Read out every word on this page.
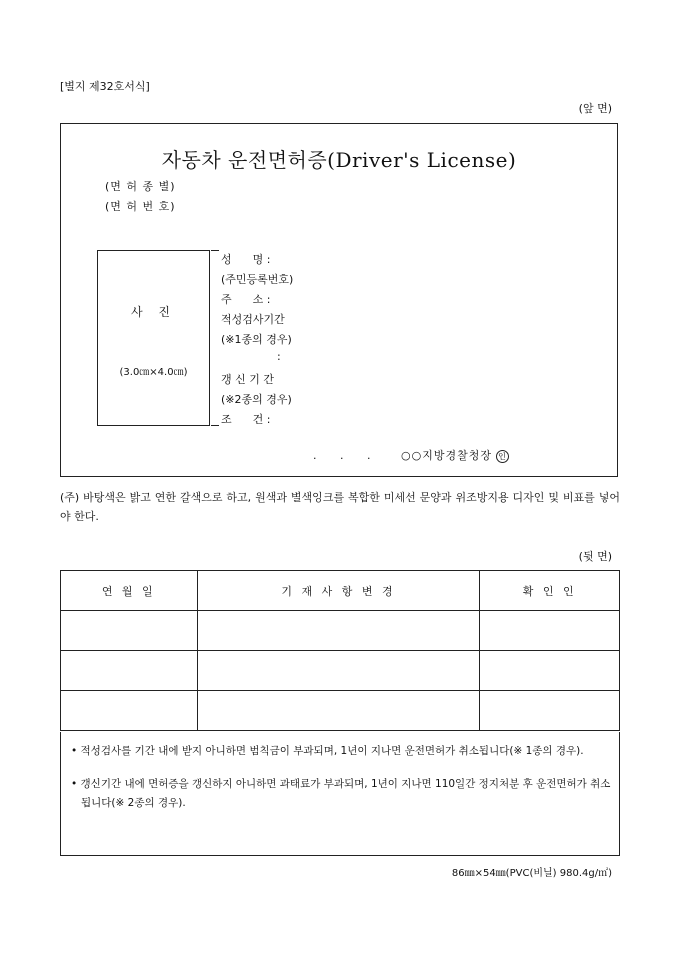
[별지 제32호서식]
(앞 면)
자동차 운전면허증(Driver's License)
(면 허 종 별)
(면 허 번 호)
사 진
(3.0㎝×4.0㎝)
성      명 :
(주민등록번호)
주      소 :
적성검사기간
(※1종의 경우)
:
갱 신 기 간
(※2종의 경우)
조      건 :
. . . ○○지방경찰청장 인
(주) 바탕색은 밝고 연한 갈색으로 하고, 원색과 별색잉크를 복합한 미세선 문양과 위조방지용 디자인 및 비표를 넣어야 한다.
(뒷 면)
연 월 일	기 재 사 항 변 경	확 인 인

• 적성검사를 기간 내에 받지 아니하면 범칙금이 부과되며, 1년이 지나면 운전면허가 취소됩니다(※ 1종의 경우).
• 갱신기간 내에 면허증을 갱신하지 아니하면 과태료가 부과되며, 1년이 지나면 110일간 정지처분 후 운전면허가 취소됩니다(※ 2종의 경우).
86㎜×54㎜(PVC(비닐) 980.4g/㎡)
